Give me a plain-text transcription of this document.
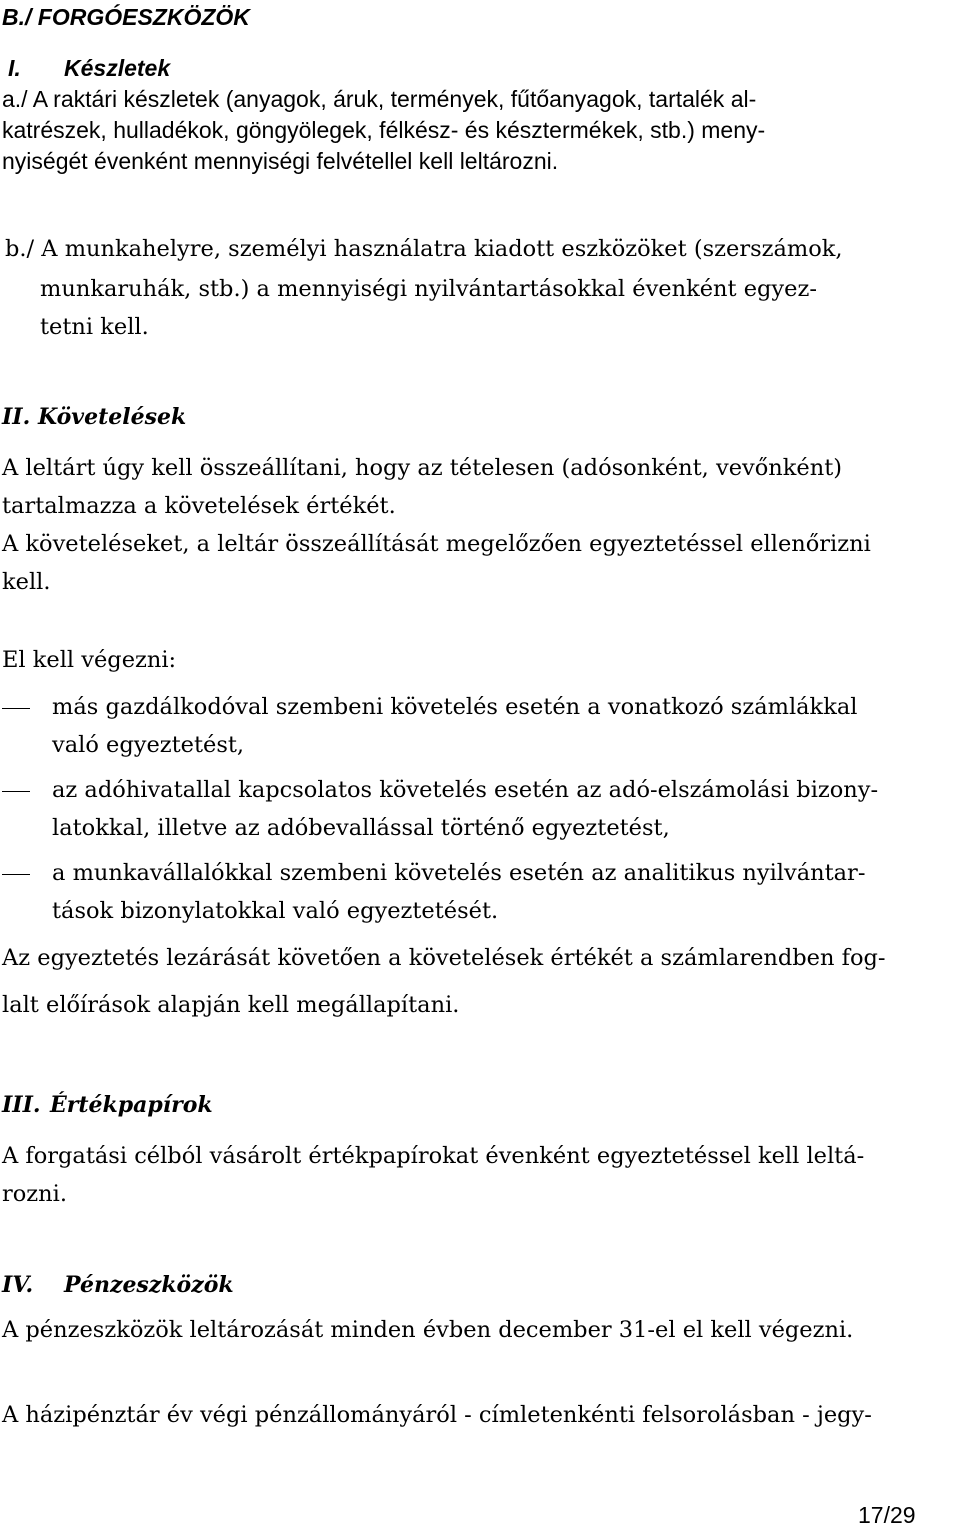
B./ FORGÓESZKÖZÖK
I. Készletek
a./ A raktári készletek (anyagok, áruk, termények, fűtőanyagok, tartalék al-
katrészek, hulladékok, göngyölegek, félkész- és késztermékek, stb.) meny-
nyiségét évenként mennyiségi felvétellel kell leltározni.
b./ A munkahelyre, személyi használatra kiadott eszközöket (szerszámok,
munkaruhák, stb.) a mennyiségi nyilvántartásokkal évenként egyez-
tetni kell.
II. Követelések
A leltárt úgy kell összeállítani, hogy az tételesen (adósonként, vevőnként)
tartalmazza a követelések értékét.
A követeléseket, a leltár összeállítását megelőzően egyeztetéssel ellenőrizni
kell.
El kell végezni:
más gazdálkodóval szembeni követelés esetén a vonatkozó számlákkal
való egyeztetést,
az adóhivatallal kapcsolatos követelés esetén az adó-elszámolási bizony-
latokkal, illetve az adóbevallással történő egyeztetést,
a munkavállalókkal szembeni követelés esetén az analitikus nyilvántar-
tások bizonylatokkal való egyeztetését.
Az egyeztetés lezárását követően a követelések értékét a számlarendben fog-
lalt előírások alapján kell megállapítani.
III. Értékpapírok
A forgatási célból vásárolt értékpapírokat évenként egyeztetéssel kell leltá-
rozni.
IV. Pénzeszközök
A pénzeszközök leltározását minden évben december 31-el el kell végezni.
A házipénztár év végi pénzállományáról - címletenkénti felsorolásban - jegy-
17/29
